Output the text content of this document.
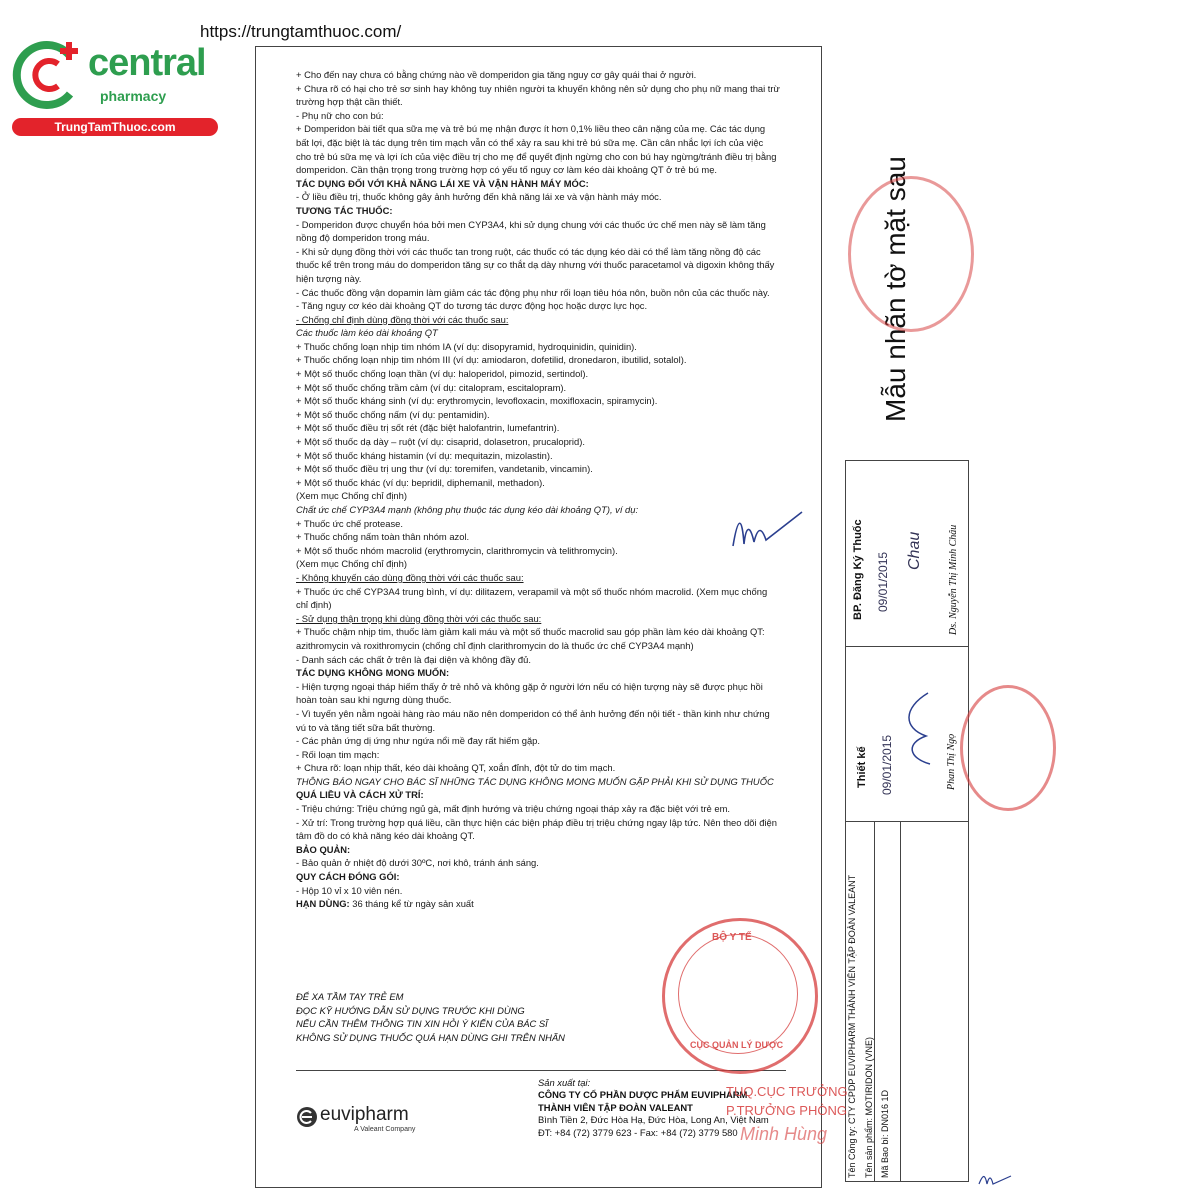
https://trungtamthuoc.com/
central
pharmacy
TrungTamThuoc.com
+ Cho đến nay chưa có bằng chứng nào về domperidon gia tăng nguy cơ gây quái thai ở người.
+ Chưa rõ có hại cho trẻ sơ sinh hay không tuy nhiên người ta khuyến không nên sử dụng cho phụ nữ mang thai trừ trường hợp thật cần thiết.
- Phụ nữ cho con bú:
+ Domperidon bài tiết qua sữa mẹ và trẻ bú mẹ nhận được ít hơn 0,1% liều theo cân nặng của mẹ. Các tác dụng bất lợi, đặc biệt là tác dụng trên tim mạch vẫn có thể xảy ra sau khi trẻ bú sữa mẹ. Cần cân nhắc lợi ích của việc cho trẻ bú sữa mẹ và lợi ích của việc điều trị cho mẹ để quyết định ngừng cho con bú hay ngừng/tránh điều trị bằng domperidon. Cần thận trọng trong trường hợp có yếu tố nguy cơ làm kéo dài khoảng QT ở trẻ bú mẹ.
TÁC DỤNG ĐỐI VỚI KHẢ NĂNG LÁI XE VÀ VẬN HÀNH MÁY MÓC:
- Ở liều điều trị, thuốc không gây ảnh hưởng đến khả năng lái xe và vận hành máy móc.
TƯƠNG TÁC THUỐC:
- Domperidon được chuyển hóa bởi men CYP3A4, khi sử dụng chung với các thuốc ức chế men này sẽ làm tăng nồng độ domperidon trong máu.
- Khi sử dụng đồng thời với các thuốc tan trong ruột, các thuốc có tác dụng kéo dài có thể làm tăng nồng độ các thuốc kể trên trong máu do domperidon tăng sự co thắt dạ dày nhưng với thuốc paracetamol và digoxin không thấy hiện tượng này.
- Các thuốc đồng vận dopamin làm giảm các tác động phụ như rối loạn tiêu hóa nôn, buồn nôn của các thuốc này.
- Tăng nguy cơ kéo dài khoảng QT do tương tác dược động học hoặc dược lực học.
- Chống chỉ định dùng đồng thời với các thuốc sau:
Các thuốc làm kéo dài khoảng QT
+ Thuốc chống loạn nhịp tim nhóm IA (ví dụ: disopyramid, hydroquinidin, quinidin).
+ Thuốc chống loạn nhịp tim nhóm III (ví dụ: amiodaron, dofetilid, dronedaron, ibutilid, sotalol).
+ Một số thuốc chống loạn thần (ví dụ: haloperidol, pimozid, sertindol).
+ Một số thuốc chống trầm cảm (ví dụ: citalopram, escitalopram).
+ Một số thuốc kháng sinh (ví dụ: erythromycin, levofloxacin, moxifloxacin, spiramycin).
+ Một số thuốc chống nấm (ví dụ: pentamidin).
+ Một số thuốc điều trị sốt rét (đặc biệt halofantrin, lumefantrin).
+ Một số thuốc dạ dày – ruột (ví dụ: cisaprid, dolasetron, prucaloprid).
+ Một số thuốc kháng histamin (ví dụ: mequitazin, mizolastin).
+ Một số thuốc điều trị ung thư (ví dụ: toremifen, vandetanib, vincamin).
+ Một số thuốc khác (ví dụ: bepridil, diphemanil, methadon).
(Xem mục Chống chỉ định)
Chất ức chế CYP3A4 mạnh (không phụ thuộc tác dụng kéo dài khoảng QT), ví dụ:
+ Thuốc ức chế protease.
+ Thuốc chống nấm toàn thân nhóm azol.
+ Một số thuốc nhóm macrolid (erythromycin, clarithromycin và telithromycin).
(Xem mục Chống chỉ định)
- Không khuyến cáo dùng đồng thời với các thuốc sau:
+ Thuốc ức chế CYP3A4 trung bình, ví dụ: dilitazem, verapamil và một số thuốc nhóm macrolid. (Xem mục chống chỉ định)
- Sử dụng thận trọng khi dùng đồng thời với các thuốc sau:
+ Thuốc chậm nhịp tim, thuốc làm giảm kali máu và một số thuốc macrolid sau góp phần làm kéo dài khoảng QT: azithromycin và roxithromycin (chống chỉ định clarithromycin do là thuốc ức chế CYP3A4 mạnh)
- Danh sách các chất ở trên là đại diện và không đầy đủ.
TÁC DỤNG KHÔNG MONG MUỐN:
- Hiện tượng ngoại tháp hiếm thấy ở trẻ nhỏ và không gặp ở người lớn nếu có hiện tượng này sẽ được phục hồi hoàn toàn sau khi ngưng dùng thuốc.
- Vì tuyến yên nằm ngoài hàng rào máu não nên domperidon có thể ảnh hưởng đến nội tiết - thần kinh như chứng vú to và tăng tiết sữa bất thường.
- Các phản ứng dị ứng như ngứa nổi mề đay rất hiếm gặp.
- Rối loạn tim mạch:
+ Chưa rõ: loạn nhịp thất, kéo dài khoảng QT, xoắn đỉnh, đột tử do tim mạch.
THÔNG BÁO NGAY CHO BÁC SĨ NHỮNG TÁC DỤNG KHÔNG MONG MUỐN GẶP PHẢI KHI SỬ DỤNG THUỐC
QUÁ LIỀU VÀ CÁCH XỬ TRÍ:
- Triệu chứng: Triệu chứng ngủ gà, mất định hướng và triệu chứng ngoại tháp xảy ra đặc biệt với trẻ em.
- Xử trí: Trong trường hợp quá liều, cần thực hiện các biện pháp điều trị triệu chứng ngay lập tức. Nên theo dõi điện tâm đồ do có khả năng kéo dài khoảng QT.
BẢO QUẢN:
- Bảo quản ở nhiệt độ dưới 30ºC, nơi khô, tránh ánh sáng.
QUY CÁCH ĐÓNG GÓI:
- Hộp 10 vỉ x 10 viên nén.
HẠN DÙNG: 36 tháng kể từ ngày sản xuất
ĐỂ XA TẦM TAY TRẺ EM
ĐỌC KỸ HƯỚNG DẪN SỬ DỤNG TRƯỚC KHI DÙNG
NẾU CẦN THÊM THÔNG TIN XIN HỎI Ý KIẾN CỦA BÁC SĨ
KHÔNG SỬ DỤNG THUỐC QUÁ HẠN DÙNG GHI TRÊN NHÃN
euvipharm
A Valeant Company
Sản xuất tại:
CÔNG TY CỔ PHẦN DƯỢC PHẨM EUVIPHARM
THÀNH VIÊN TẬP ĐOÀN VALEANT
Bình Tiền 2, Đức Hòa Hạ, Đức Hòa, Long An, Việt Nam
ĐT: +84 (72) 3779 623 - Fax: +84 (72) 3779 580
Mẫu nhãn tờ mặt sau
BP. Đăng Ký Thuốc 09/01/2015
Chau	Ds. Nguyễn Thị Minh Châu
Thiết kế 09/01/2015	Phan Thị Ngọ
Tên Công ty: CTY CPDP EUVIPHARM THÀNH VIÊN TẬP ĐOÀN VALEANT Tên sản phẩm: MOTIRIDON (VNE) Mã Bao bì: DN016 1D
BỘ Y TẾ
CỤC QUẢN LÝ DƯỢC
TUQ.CỤC TRƯỞNG
P.TRƯỞNG PHÒNG
Minh Hùng
